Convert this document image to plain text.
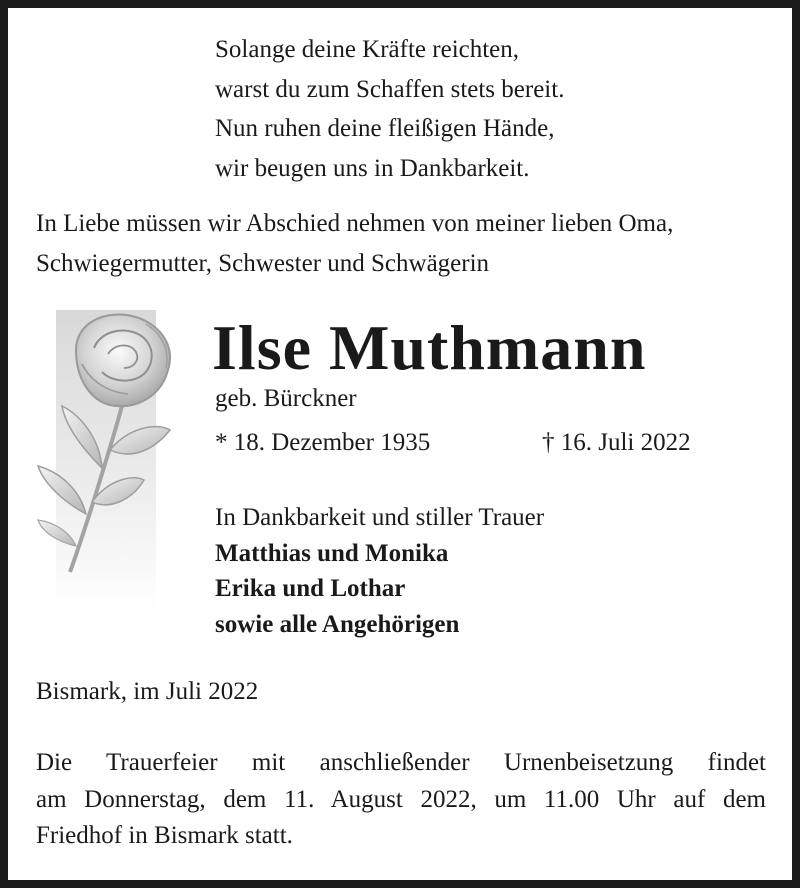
Solange deine Kräfte reichten,
warst du zum Schaffen stets bereit.
Nun ruhen deine fleißigen Hände,
wir beugen uns in Dankbarkeit.
In Liebe müssen wir Abschied nehmen von meiner lieben Oma,
Schwiegermutter, Schwester und Schwägerin
Ilse Muthmann
geb. Bürckner
* 18. Dezember 1935	† 16. Juli 2022
In Dankbarkeit und stiller Trauer
Matthias und Monika
Erika und Lothar
sowie alle Angehörigen
Bismark, im Juli 2022
Die Trauerfeier mit anschließender Urnenbeisetzung findet
am Donnerstag, dem 11. August 2022, um 11.00 Uhr auf dem
Friedhof in Bismark statt.
